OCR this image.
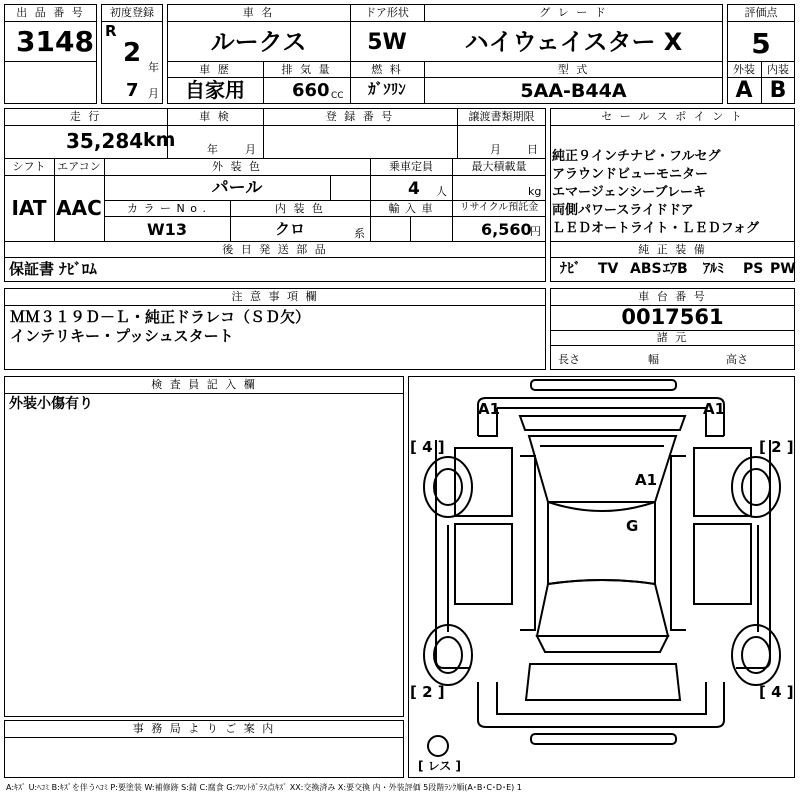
出 品 番 号
3148
初度登録
R
2 年
7 月
車 名
ルークス
車 歴
自家用
排 気 量
660 CC
ドア形状
5W
燃 料
ｶﾞｿﾘﾝ
グ レ ー ド
ハイウェイスター X
型 式
5AA-B44A
評価点
5
外装	内装
A B
走 行
35,284 km
車 検
年 月
登 録 番 号	譲渡書類期限
月 日
シフト
IAT
エアコン
AAC
外 装 色
パール
乗車定員
4 人
最大積載量
kg
カ ラ ー N o .
W13
内 装 色
クロ	系
輸 入 車	リサイクル預託金
6,560
円
後 日 発 送 部 品
保証書 ﾅﾋﾞﾛﾑ
セ ー ル ス ポ イ ン ト
純正９インチナビ・フルセグ
アラウンドビューモニター
エマージェンシーブレーキ
両側パワースライドドア
ＬＥＤオートライト・ＬＥＤフォグ
純 正 装 備
ﾅﾋﾞ TV ABS ｴｱB ｱﾙﾐ PS PW
注 意 事 項 欄
ＭＭ３１９Ｄ－Ｌ・純正ドラレコ（ＳＤ欠）
インテリキー・プッシュスタート
車 台 番 号
0017561
諸 元
長さ	幅	高さ
検 査 員 記 入 欄
外装小傷有り
事 務 局 よ り ご 案 内
A1	A1
A1
G
[ 4 ]	[ 2 ]
[ 2 ]	[ 4 ]
[ レス ]
A:ｷｽﾞ U:ﾍｺﾐ B:ｷｽﾞを伴うﾍｺﾐ P:要塗装 W:補修跡 S:錆 C:腐食 G:ﾌﾛﾝﾄｶﾞﾗｽ点ｷｽﾞ XX:交換済み X:要交換 内・外装評価 5段階ﾗﾝｸ順(A･B･C･D･E) 1
